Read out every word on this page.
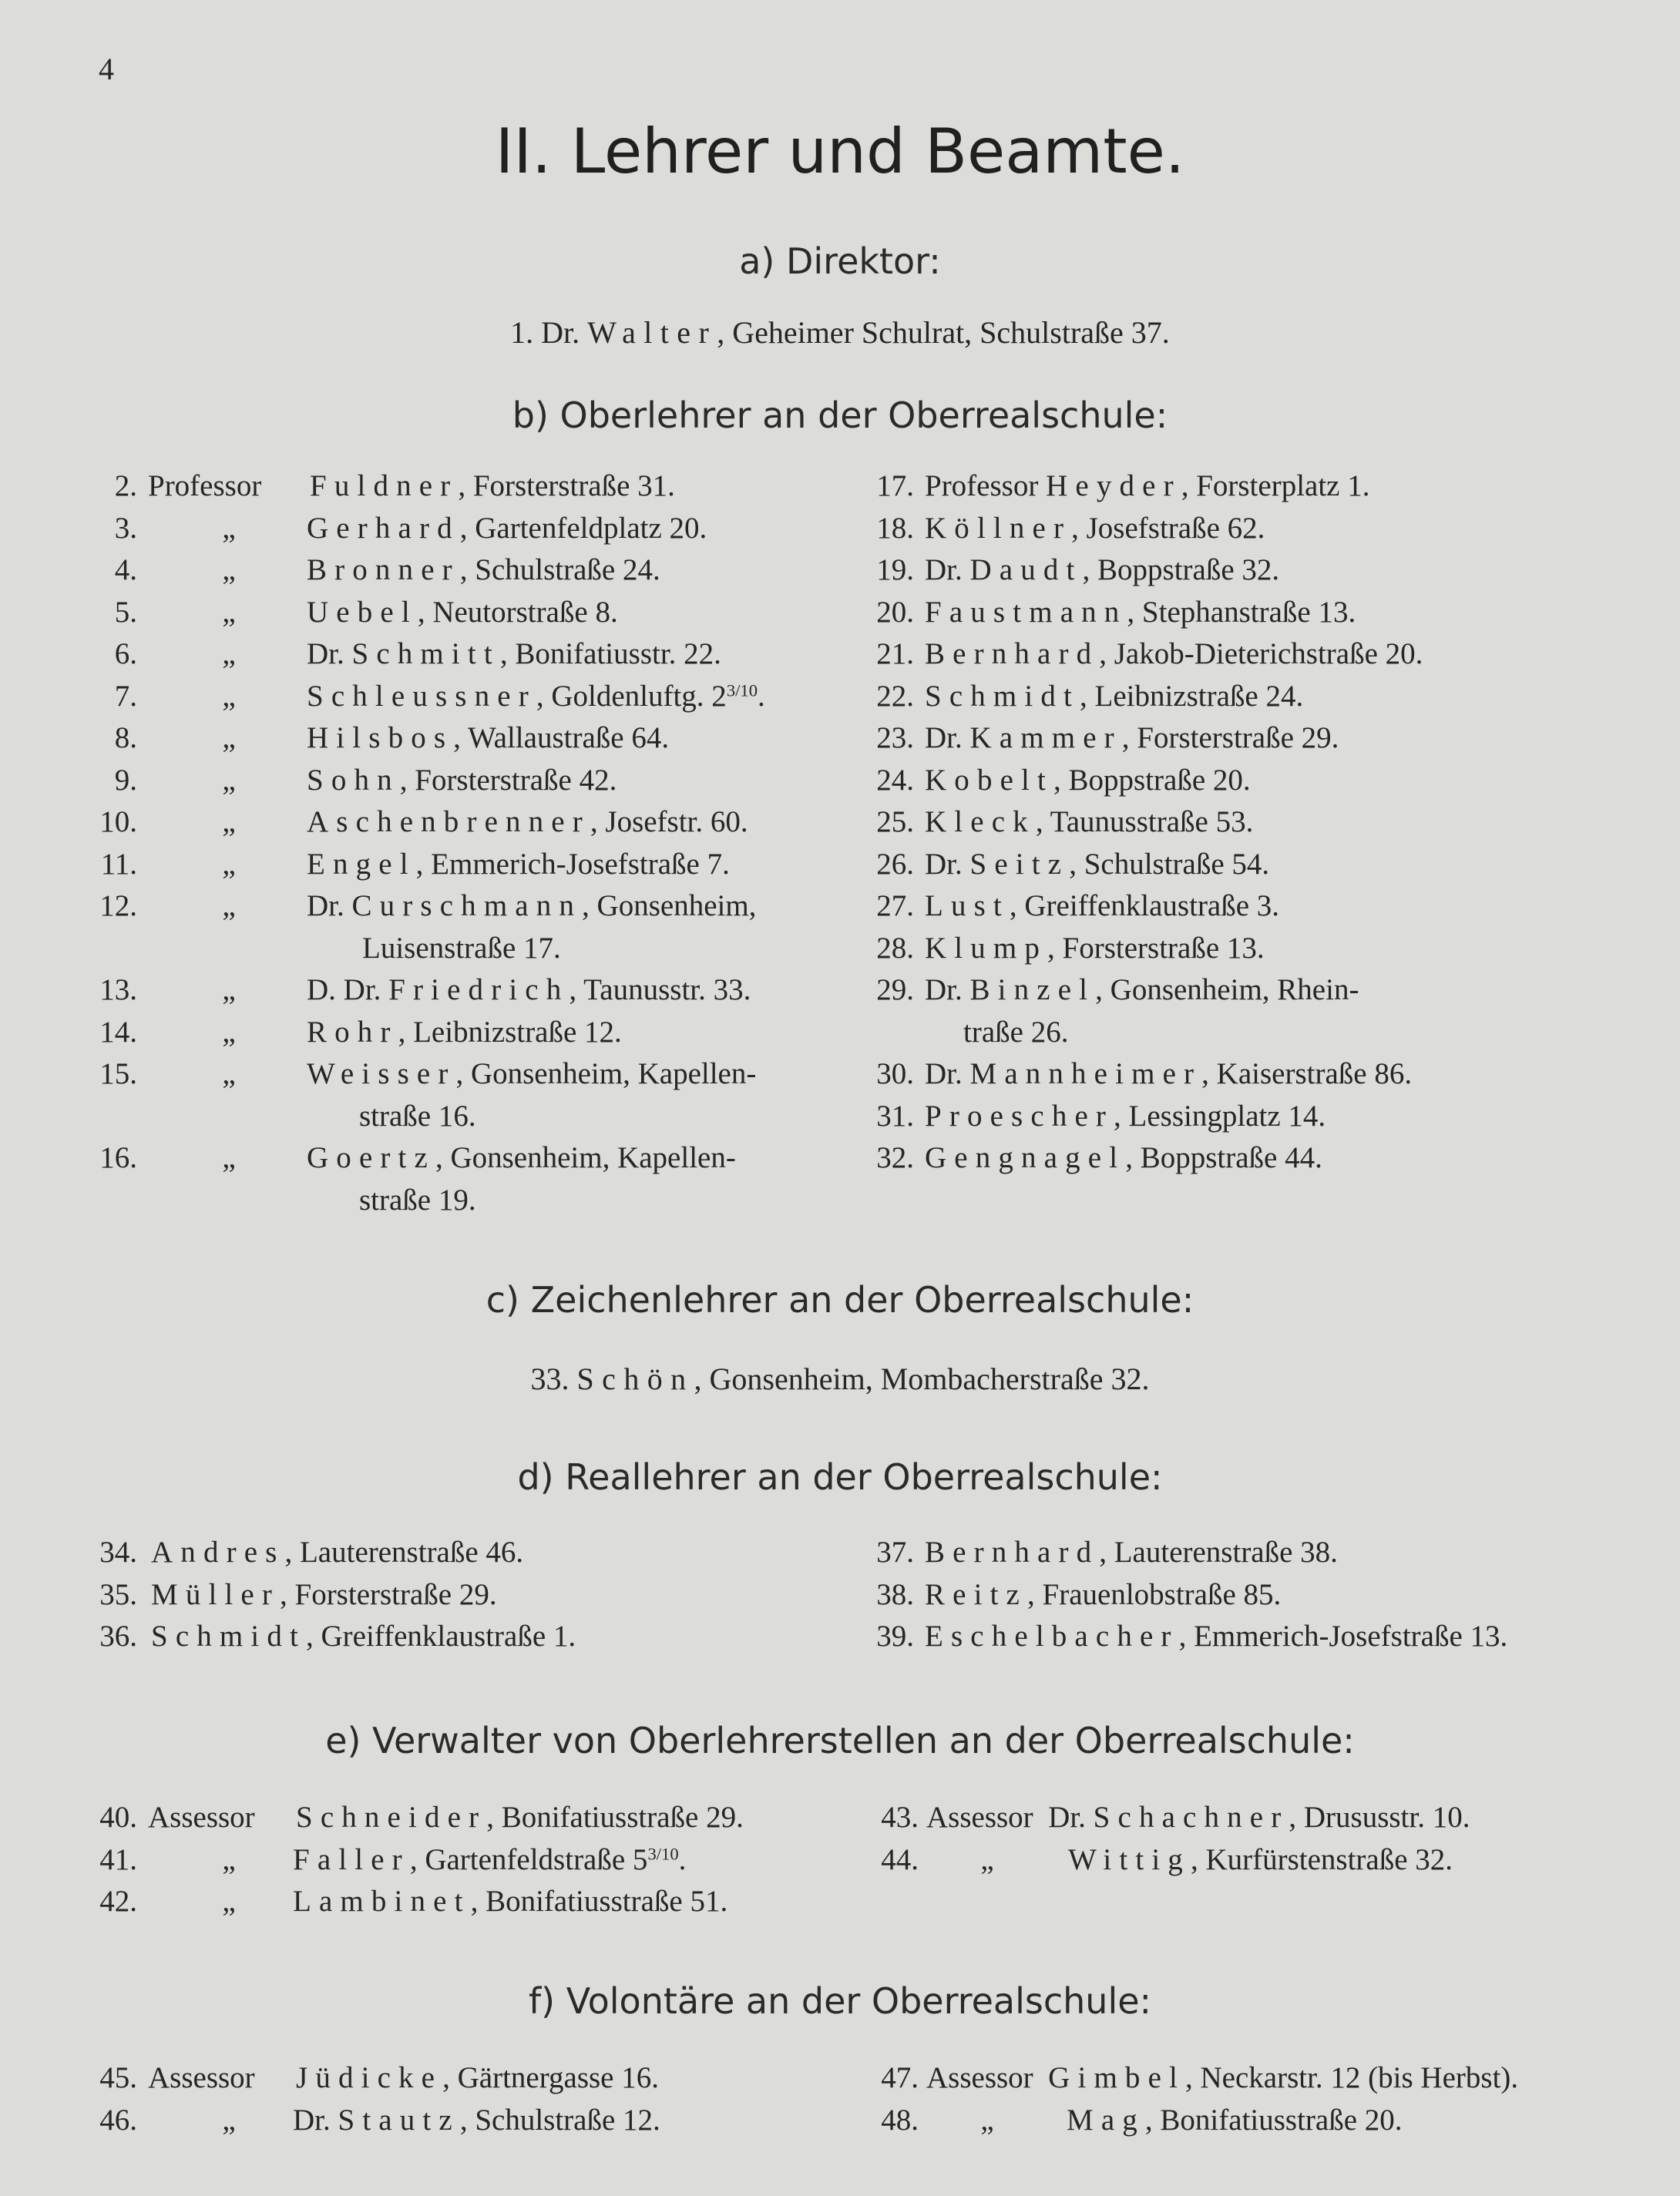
4
II. Lehrer und Beamte.
a) Direktor:
1. Dr. Walter, Geheimer Schulrat, Schulstraße 37.
b) Oberlehrer an der Oberrealschule:
2. Professor Fuldner, Forsterstraße 31.
3.	„	Gerhard, Gartenfeldplatz 20.
4.	„	Bronner, Schulstraße 24.
5.	„	Uebel, Neutorstraße 8.
6.	„	Dr. Schmitt, Bonifatiusstr. 22.
7.	„	Schleussner, Goldenluftg. $2^{3/10}$.
8.	„	Hilsbos, Wallaustraße 64.
9.	„	Sohn, Forsterstraße 42.
10.	„	Aschenbrenner, Josefstr. 60.
11.	„	Engel, Emmerich-Josefstraße 7.
12.	„	Dr. Curschmann, Gonsenheim,
Luisenstraße 17.
13.	„	D. Dr. Friedrich, Taunusstr. 33.
14.	„	Rohr, Leibnizstraße 12.
15.	„	Weisser, Gonsenheim, Kapellen-
straße 16.
16.	„	Goertz, Gonsenheim, Kapellen-
straße 19.
17. Professor Heyder, Forsterplatz 1.
18. Köllner, Josefstraße 62.
19. Dr. Daudt, Boppstraße 32.
20. Faustmann, Stephanstraße 13.
21. Bernhard, Jakob-Dieterichstraße 20.
22. Schmidt, Leibnizstraße 24.
23. Dr. Kammer, Forsterstraße 29.
24. Kobelt, Boppstraße 20.
25. Kleck, Taunusstraße 53.
26. Dr. Seitz, Schulstraße 54.
27. Lust, Greiffenklaustraße 3.
28. Klump, Forsterstraße 13.
29. Dr. Binzel, Gonsenheim, Rhein-
traße 26.
30. Dr. Mannheimer, Kaiserstraße 86.
31. Proescher, Lessingplatz 14.
32. Gengnagel, Boppstraße 44.
c) Zeichenlehrer an der Oberrealschule:
33. Schön, Gonsenheim, Mombacherstraße 32.
d) Reallehrer an der Oberrealschule:
34. Andres, Lauterenstraße 46.
35. Müller, Forsterstraße 29.
36. Schmidt, Greiffenklaustraße 1.
37. Bernhard, Lauterenstraße 38.
38. Reitz, Frauenlobstraße 85.
39. Eschelbacher, Emmerich-Josefstraße 13.
e) Verwalter von Oberlehrerstellen an der Oberrealschule:
40. Assessor Schneider, Bonifatiusstraße 29.
41.	„	Faller, Gartenfeldstraße $5^{3/10}$.
42.	„	Lambinet, Bonifatiusstraße 51.
43. Assessor Dr. Schachner, Drususstr. 10.
44.	„	Wittig, Kurfürstenstraße 32.
f) Volontäre an der Oberrealschule:
45. Assessor Jüdicke, Gärtnergasse 16.
46.	„	Dr. Stautz, Schulstraße 12.
47. Assessor Gimbel, Neckarstr. 12 (bis Herbst).
48.	„	Mag, Bonifatiusstraße 20.
